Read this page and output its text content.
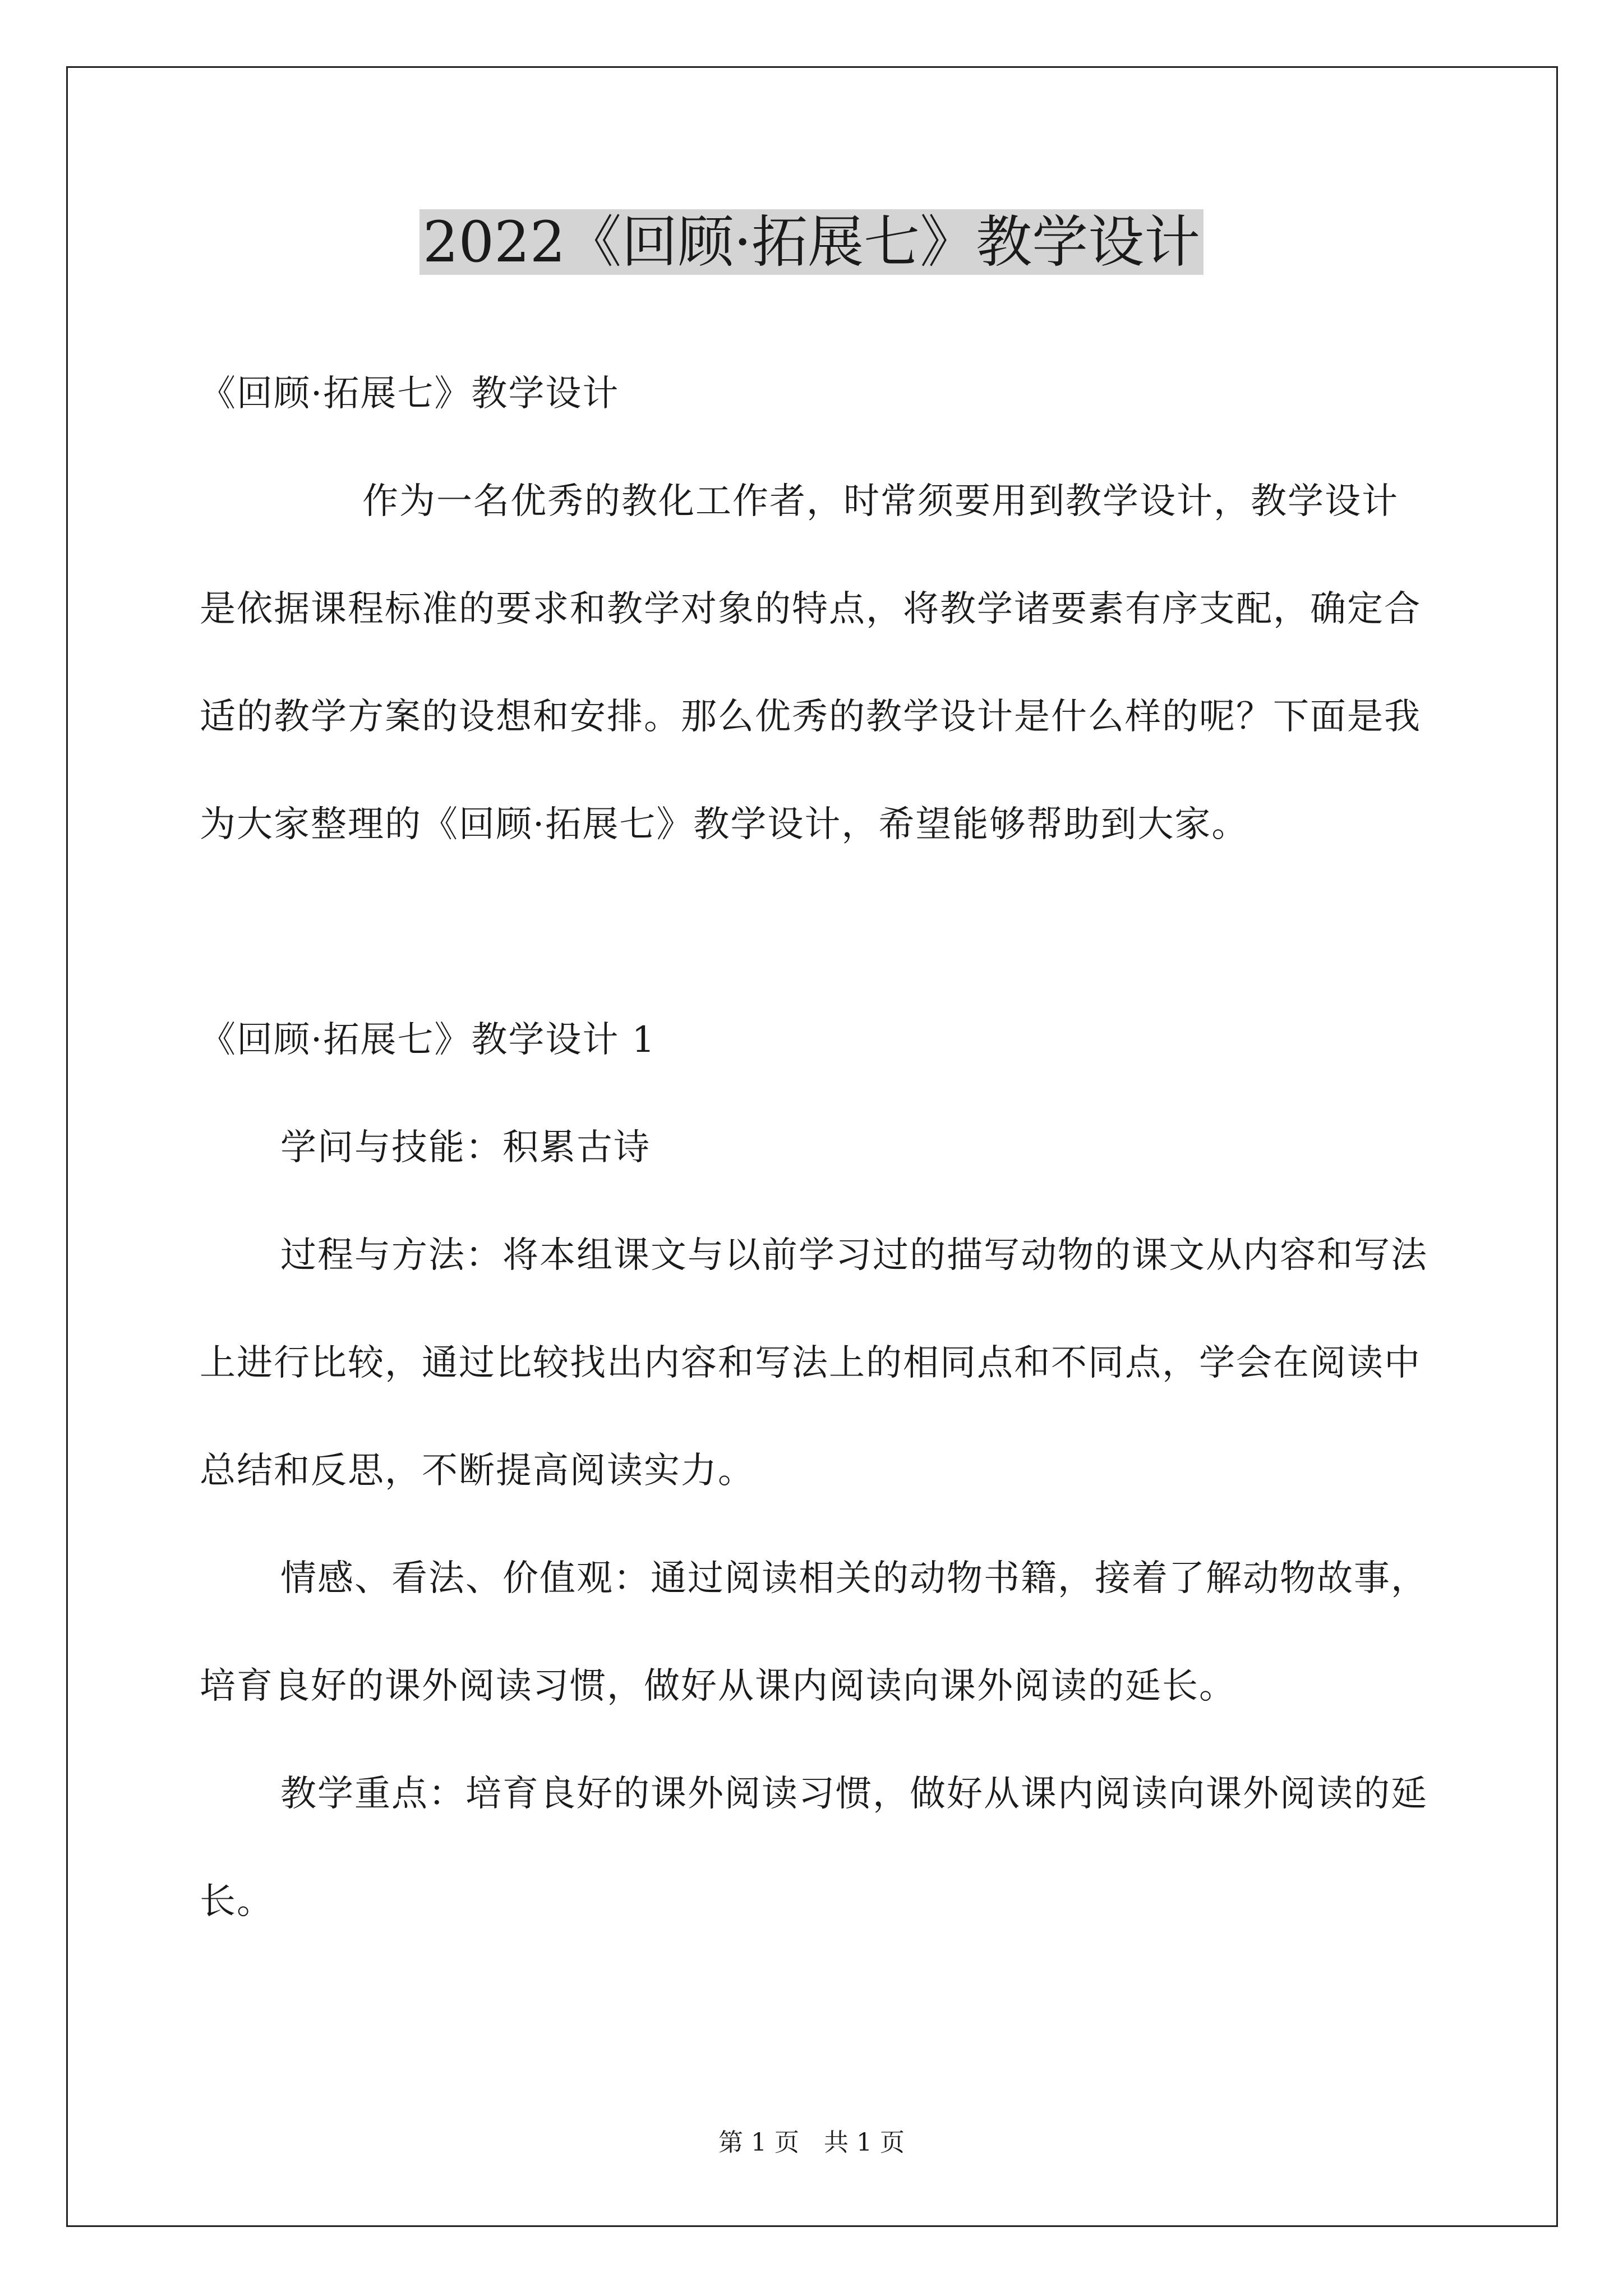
2022《回顾·拓展七》教学设计

《回顾·拓展七》教学设计

作为一名优秀的教化工作者，时常须要用到教学设计，教学设计是依据课程标准的要求和教学对象的特点，将教学诸要素有序支配，确定合适的教学方案的设想和安排。那么优秀的教学设计是什么样的呢？下面是我为大家整理的《回顾·拓展七》教学设计，希望能够帮助到大家。

《回顾·拓展七》教学设计 1

学问与技能：积累古诗

过程与方法：将本组课文与以前学习过的描写动物的课文从内容和写法上进行比较，通过比较找出内容和写法上的相同点和不同点，学会在阅读中总结和反思，不断提高阅读实力。

情感、看法、价值观：通过阅读相关的动物书籍，接着了解动物故事，培育良好的课外阅读习惯，做好从课内阅读向课外阅读的延长。

教学重点：培育良好的课外阅读习惯，做好从课内阅读向课外阅读的延长。

第 1 页 共 1 页
